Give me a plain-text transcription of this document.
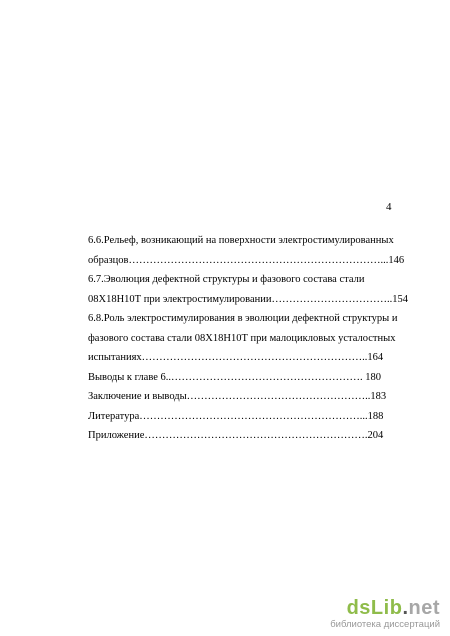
4
6.6.Рельеф, возникающий на поверхности электростимулированных
образцов………………………………………………………………...146
6.7.Эволюция дефектной структуры и фазового состава стали
08Х18Н10Т при электростимулировании……………………………..154
6.8.Роль электростимулирования в эволюции дефектной структуры и
фазового состава стали 08Х18Н10Т при малоцикловых усталостных
испытаниях………………………………………………………..164
Выводы к главе 6..………………………………………………. 180
Заключение и выводы……………………………………………..183
Литература………………………………………………………...188
Приложение……………………………………………………….204
dsLib.net
библиотека диссертаций
